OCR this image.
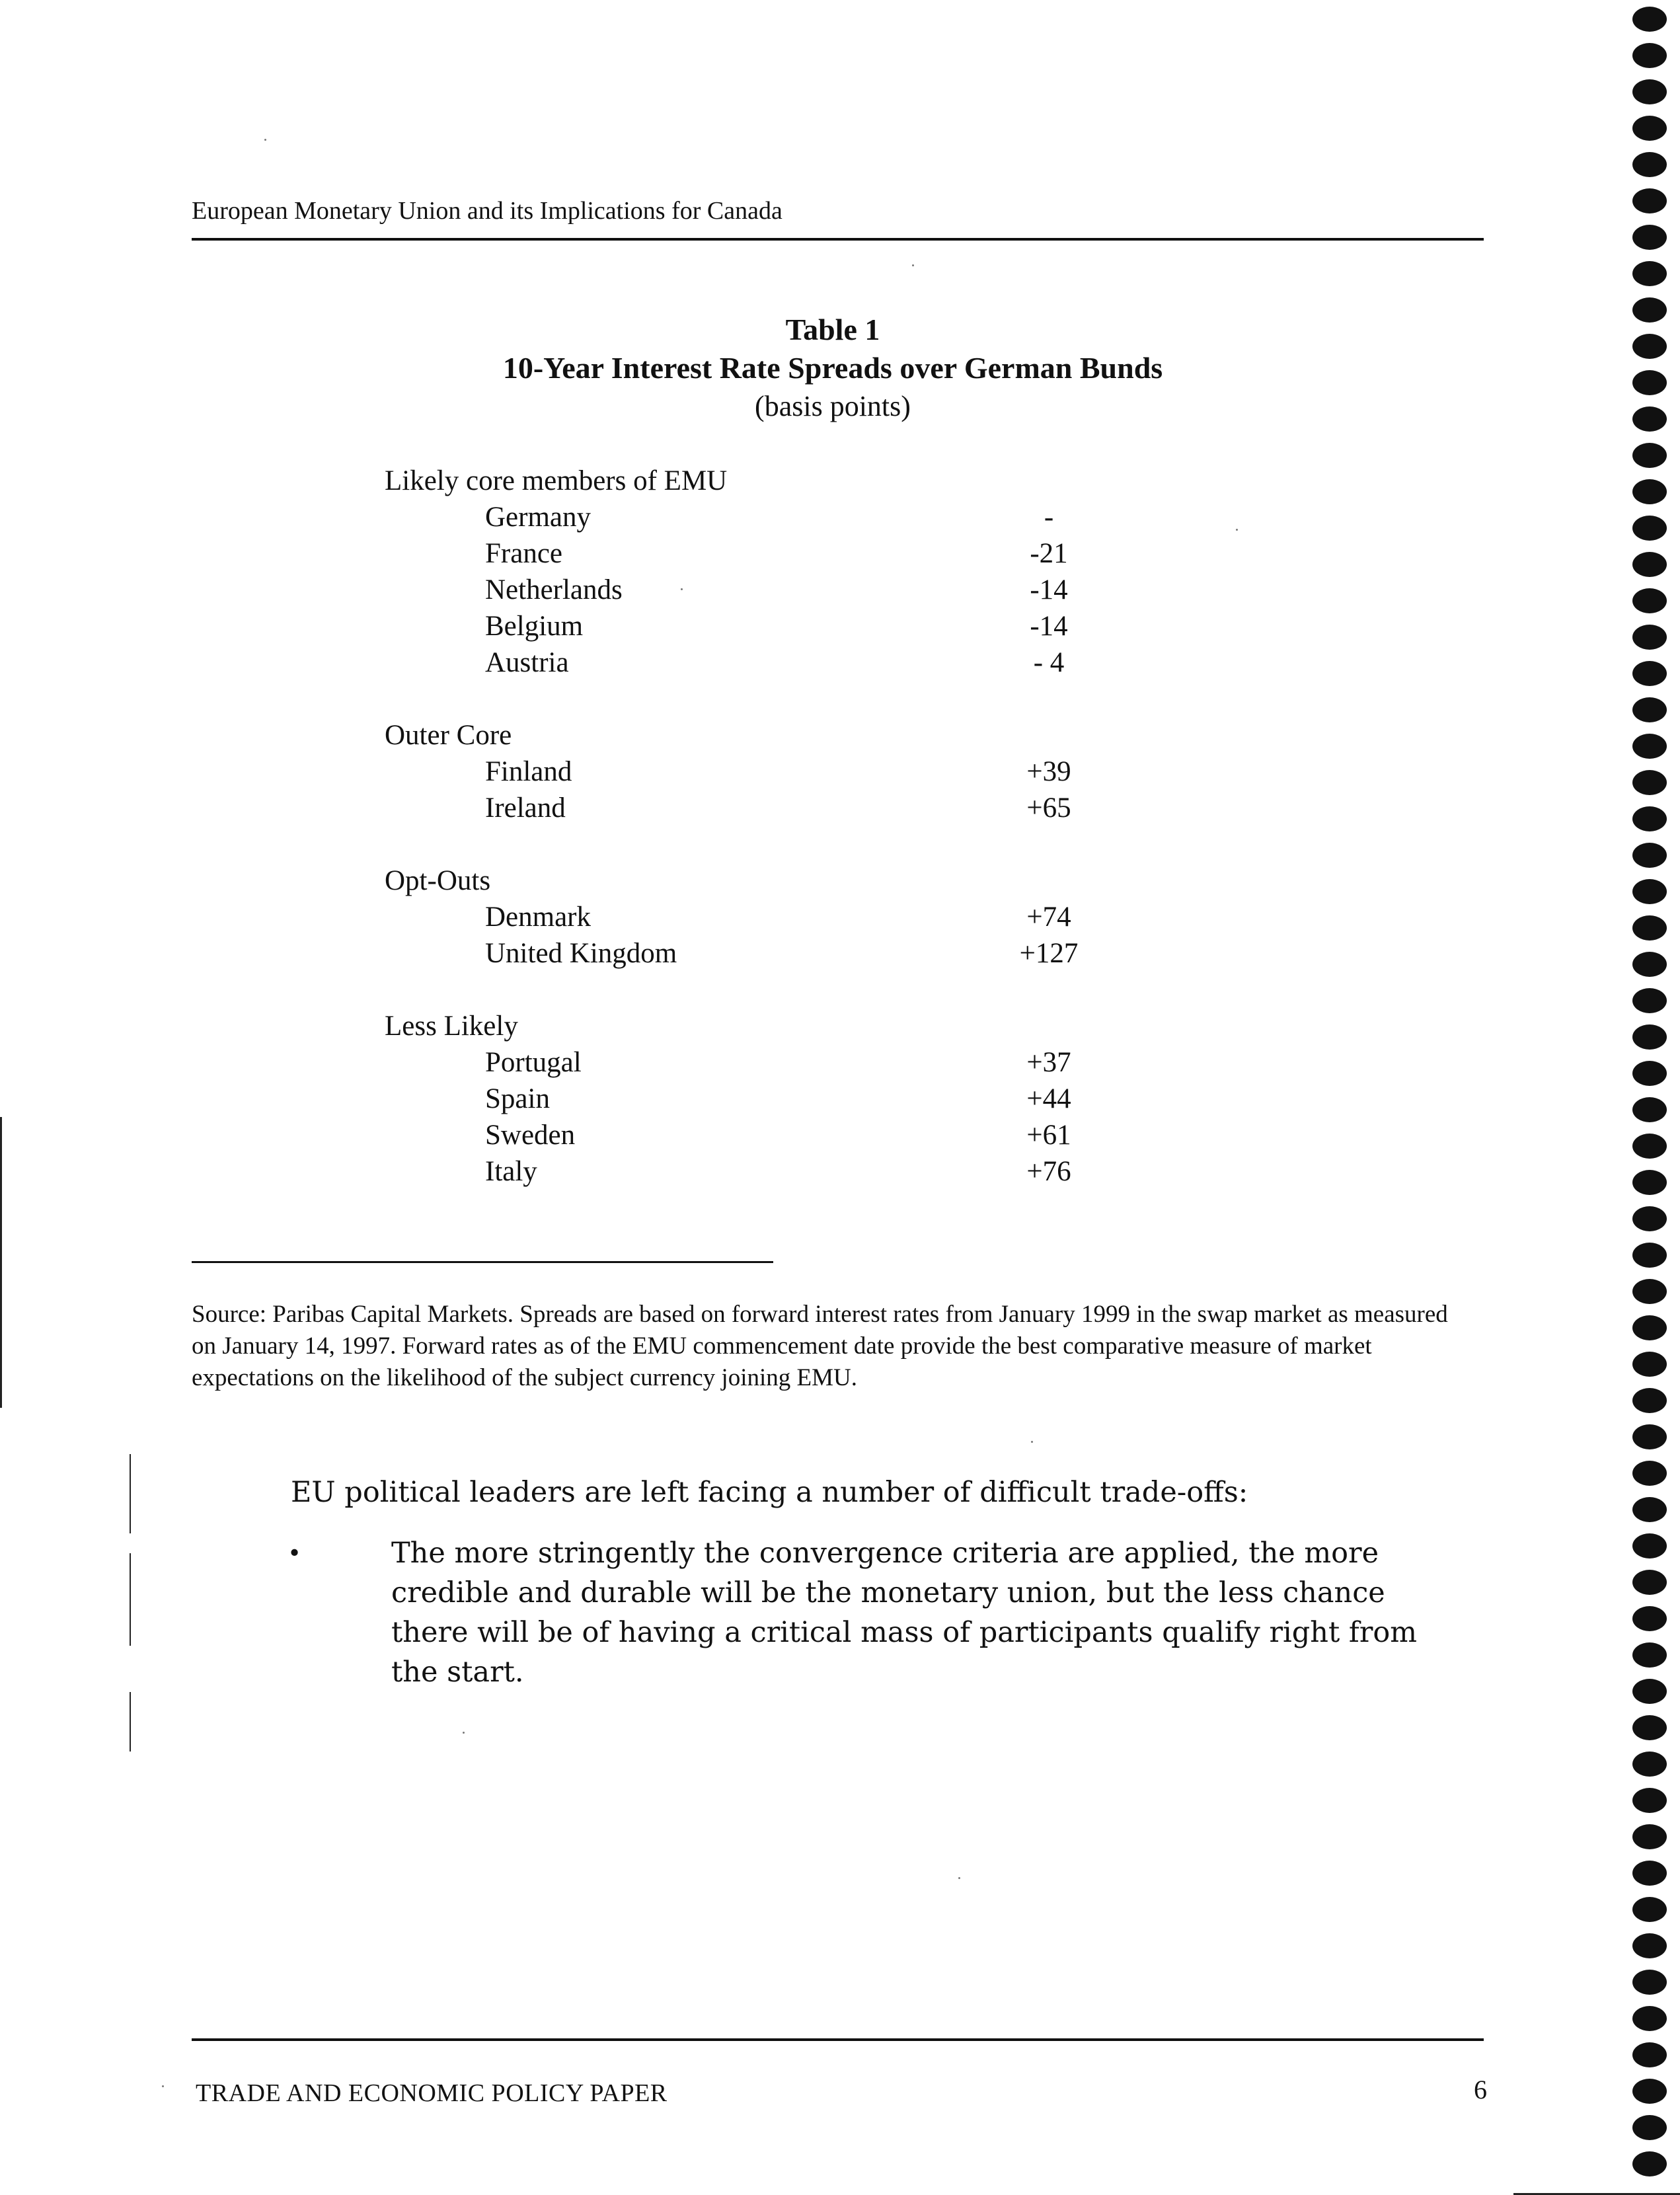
European Monetary Union and its Implications for Canada
Table 1
10-Year Interest Rate Spreads over German Bunds
(basis points)
Likely core members of EMU
Germany	-
France	-21
Netherlands	-14
Belgium	-14
Austria	- 4
Outer Core
Finland	+39
Ireland	+65
Opt-Outs
Denmark	+74
United Kingdom	+127
Less Likely
Portugal	+37
Spain	+44
Sweden	+61
Italy	+76
Source: Paribas Capital Markets. Spreads are based on forward interest rates from January 1999 in the swap market as measured on January 14, 1997. Forward rates as of the EMU commencement date provide the best comparative measure of market expectations on the likelihood of the subject currency joining EMU.
EU political leaders are left facing a number of difficult trade-offs:
•	The more stringently the convergence criteria are applied, the more credible and durable will be the monetary union, but the less chance there will be of having a critical mass of participants qualify right from the start.
TRADE AND ECONOMIC POLICY PAPER	6
